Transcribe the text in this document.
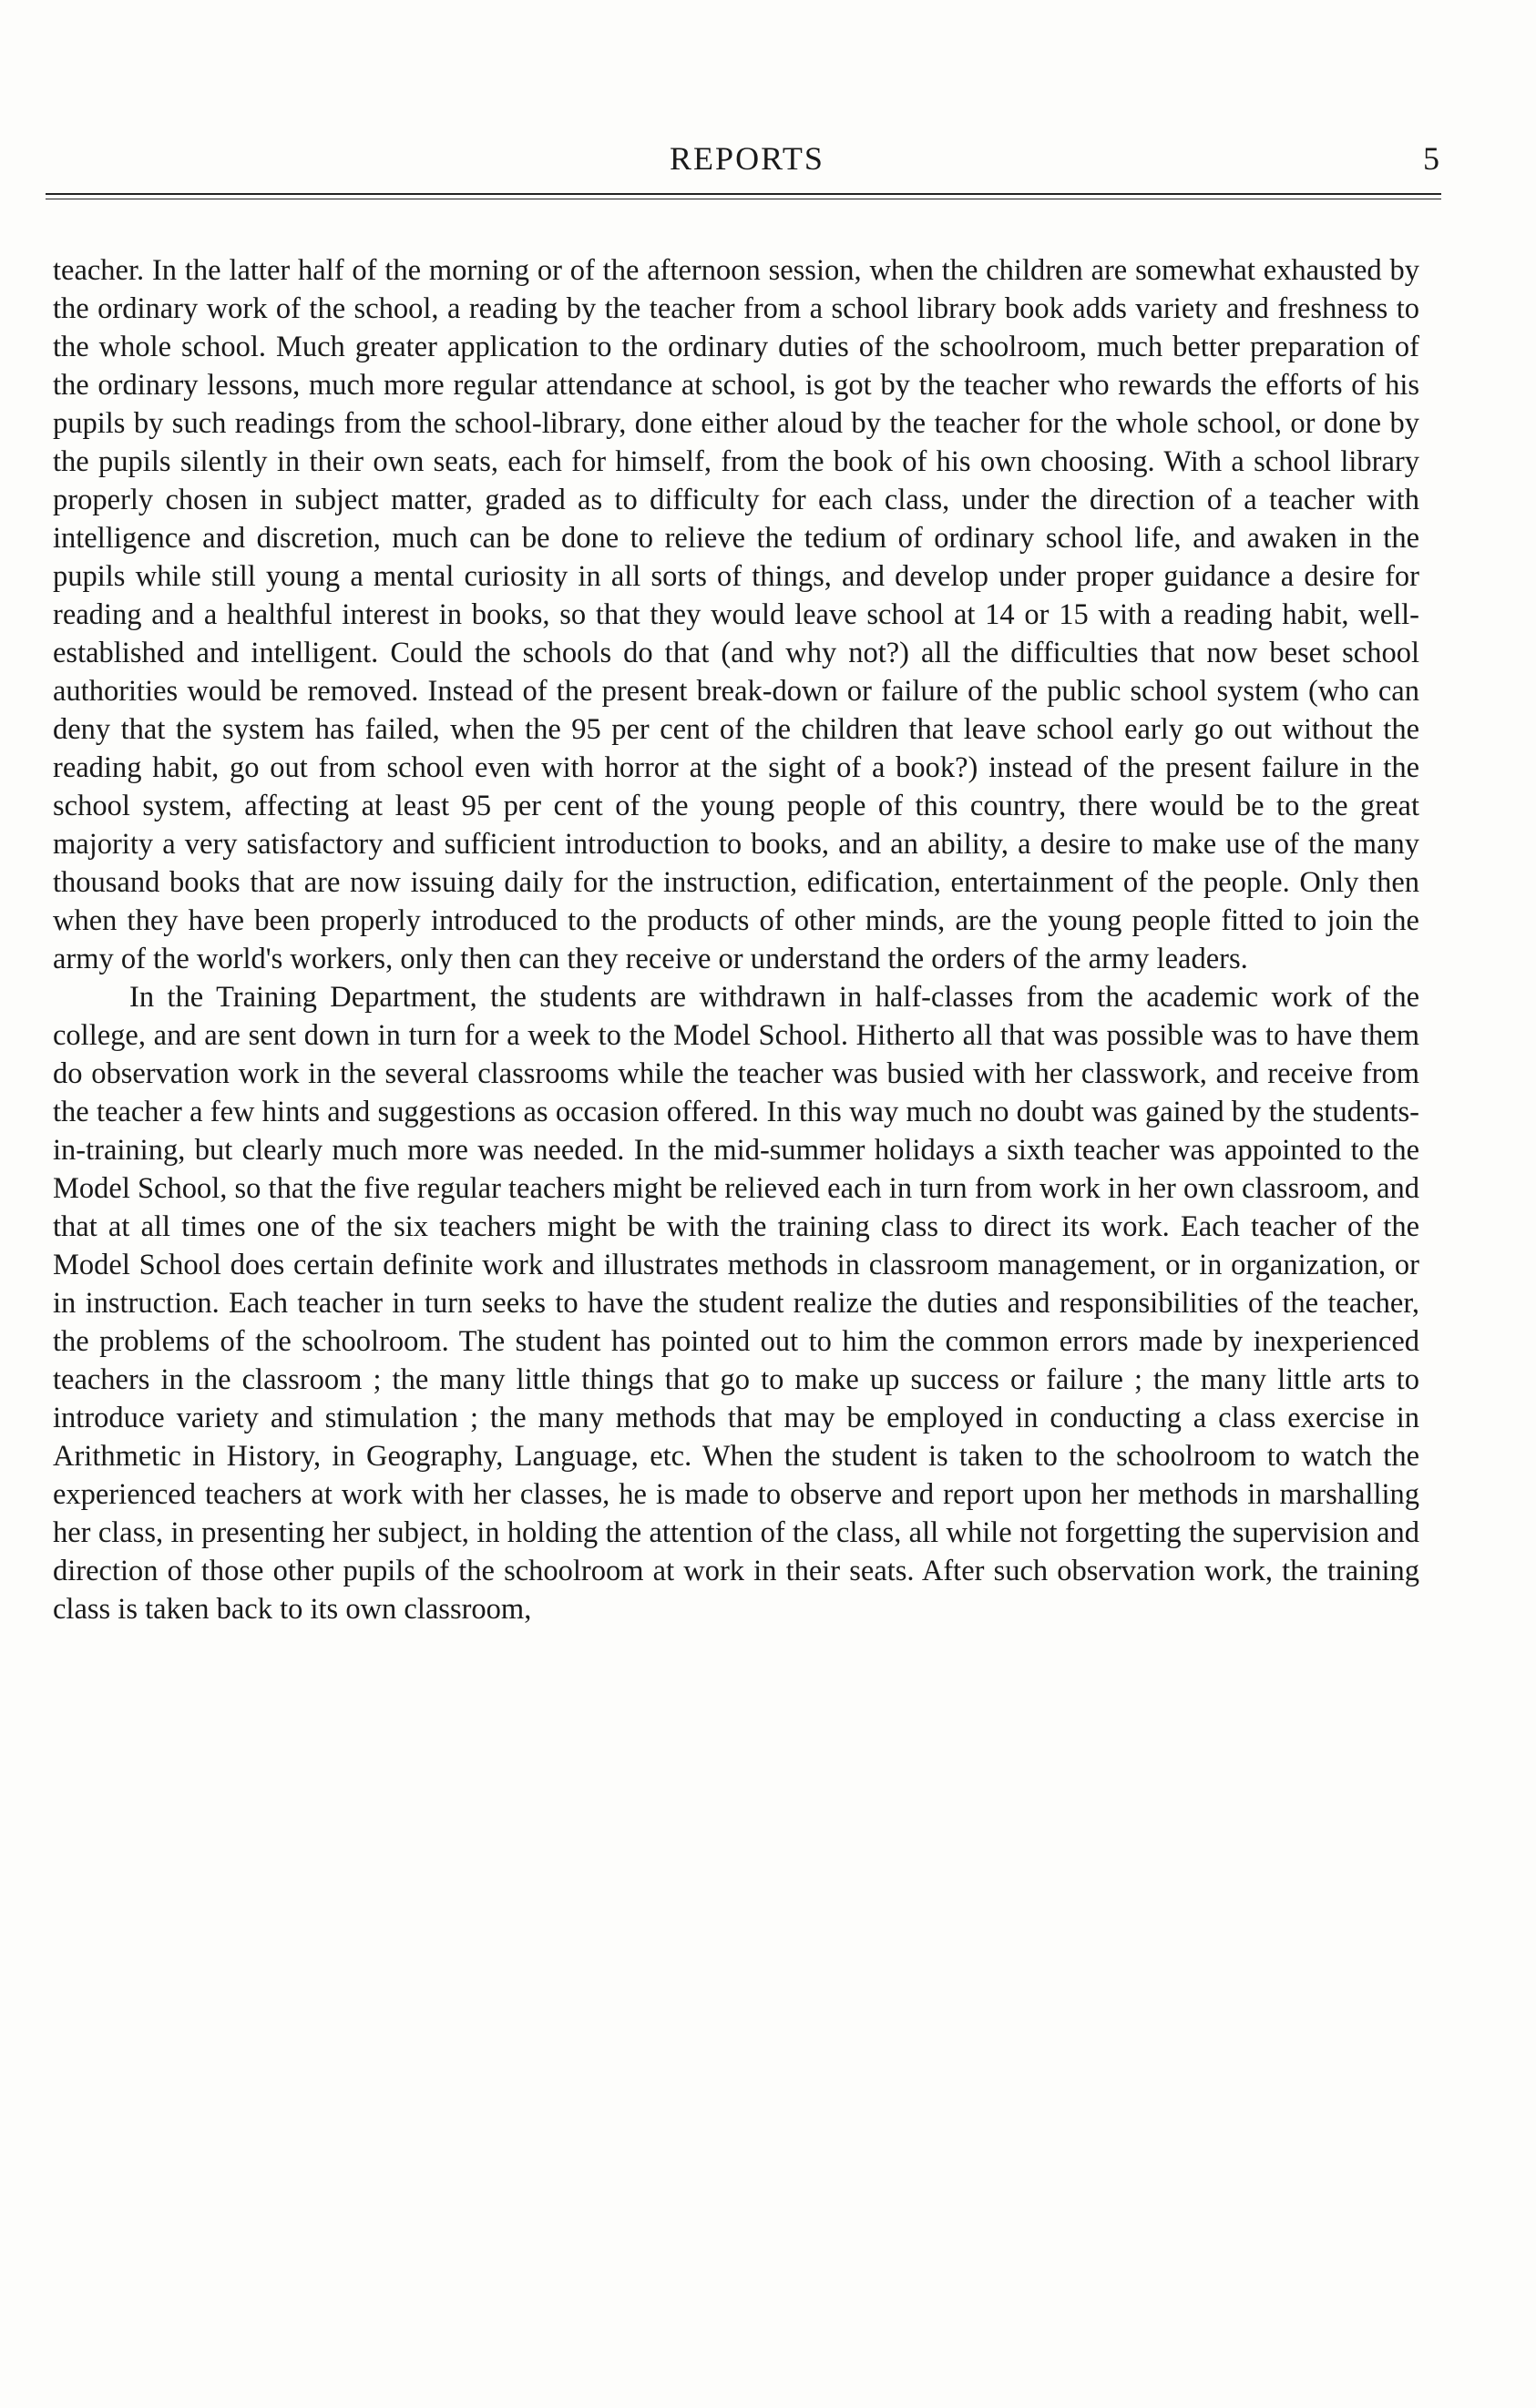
REPORTS	5

teacher. In the latter half of the morning or of the afternoon session, when the children are somewhat exhausted by the ordinary work of the school, a reading by the teacher from a school library book adds variety and freshness to the whole school. Much greater application to the ordinary duties of the schoolroom, much better preparation of the ordinary lessons, much more regular attendance at school, is got by the teacher who rewards the efforts of his pupils by such readings from the school-library, done either aloud by the teacher for the whole school, or done by the pupils silently in their own seats, each for himself, from the book of his own choosing. With a school library properly chosen in subject matter, graded as to difficulty for each class, under the direction of a teacher with intelligence and discretion, much can be done to relieve the tedium of ordinary school life, and awaken in the pupils while still young a mental curiosity in all sorts of things, and develop under proper guidance a desire for reading and a healthful interest in books, so that they would leave school at 14 or 15 with a reading habit, well-established and intelligent. Could the schools do that (and why not?) all the difficulties that now beset school authorities would be removed. Instead of the present break-down or failure of the public school system (who can deny that the system has failed, when the 95 per cent of the children that leave school early go out without the reading habit, go out from school even with horror at the sight of a book?) instead of the present failure in the school system, affecting at least 95 per cent of the young people of this country, there would be to the great majority a very satisfactory and sufficient introduction to books, and an ability, a desire to make use of the many thousand books that are now issuing daily for the instruction, edification, entertainment of the people. Only then when they have been properly introduced to the products of other minds, are the young people fitted to join the army of the world's workers, only then can they receive or understand the orders of the army leaders.

In the Training Department, the students are withdrawn in half-classes from the academic work of the college, and are sent down in turn for a week to the Model School. Hitherto all that was possible was to have them do observation work in the several classrooms while the teacher was busied with her classwork, and receive from the teacher a few hints and suggestions as occasion offered. In this way much no doubt was gained by the students-in-training, but clearly much more was needed. In the mid-summer holidays a sixth teacher was appointed to the Model School, so that the five regular teachers might be relieved each in turn from work in her own classroom, and that at all times one of the six teachers might be with the training class to direct its work. Each teacher of the Model School does certain definite work and illustrates methods in classroom management, or in organization, or in instruction. Each teacher in turn seeks to have the student realize the duties and responsibilities of the teacher, the problems of the schoolroom. The student has pointed out to him the common errors made by inexperienced teachers in the classroom ; the many little things that go to make up success or failure ; the many little arts to introduce variety and stimulation ; the many methods that may be employed in conducting a class exercise in Arithmetic in History, in Geography, Language, etc. When the student is taken to the schoolroom to watch the experienced teachers at work with her classes, he is made to observe and report upon her methods in marshalling her class, in presenting her subject, in holding the attention of the class, all while not forgetting the supervision and direction of those other pupils of the schoolroom at work in their seats. After such observation work, the training class is taken back to its own classroom,
